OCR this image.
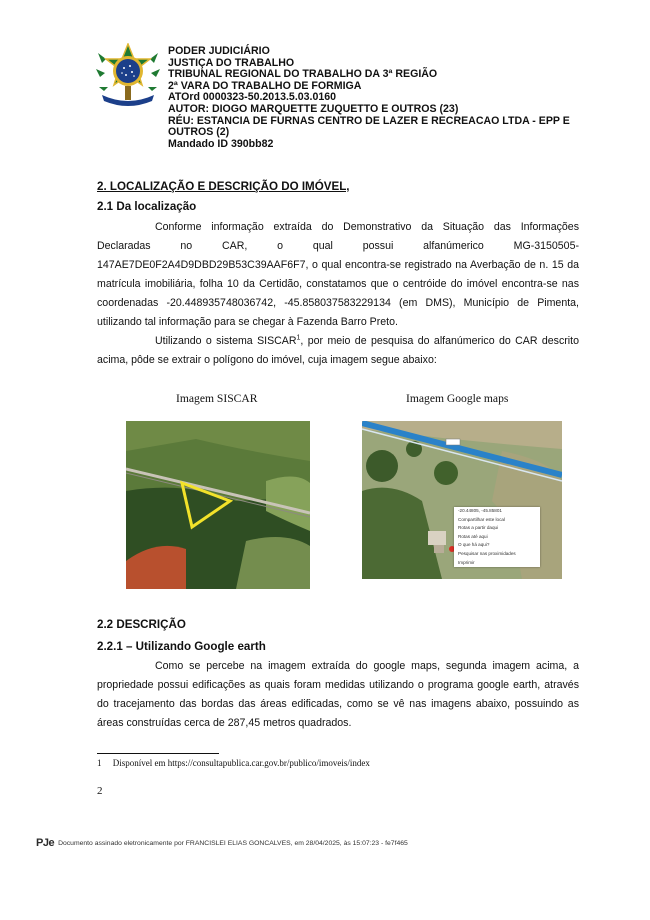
PODER JUDICIÁRIO
JUSTIÇA DO TRABALHO
TRIBUNAL REGIONAL DO TRABALHO DA 3ª REGIÃO
2ª VARA DO TRABALHO DE FORMIGA
ATOrd 0000323-50.2013.5.03.0160
AUTOR: DIOGO MARQUETTE ZUQUETTO E OUTROS (23)
RÉU: ESTANCIA DE FURNAS CENTRO DE LAZER E RECREACAO LTDA - EPP E OUTROS (2)
Mandado ID 390bb82
2. LOCALIZAÇÃO E DESCRIÇÃO DO IMÓVEL,
2.1 Da localização
Conforme informação extraída do Demonstrativo da Situação das Informações Declaradas no CAR, o qual possui alfanúmerico MG-3150505-147AE7DE0F2A4D9DBD29B53C39AAF6F7, o qual encontra-se registrado na Averbação de n. 15 da matrícula imobiliária, folha 10 da Certidão, constatamos que o centróide do imóvel encontra-se nas coordenadas -20.448935748036742, -45.858037583229134 (em DMS), Município de Pimenta, utilizando tal informação para se chegar à Fazenda Barro Preto.
Utilizando o sistema SISCAR$^1$, por meio de pesquisa do alfanúmerico do CAR descrito acima, pôde se extrair o polígono do imóvel, cuja imagem segue abaixo:
Imagem SISCAR	Imagem Google maps
-20.44805, -45.85801
Compartilhar este local
Rotas a partir daqui
Rotas até aqui
O que há aqui?
Pesquisar nas proximidades
Imprimir
2.2 DESCRIÇÃO
2.2.1 – Utilizando Google earth
Como se percebe na imagem extraída do google maps, segunda imagem acima, a propriedade possui edificações as quais foram medidas utilizando o programa google earth, através do tracejamento das bordas das áreas edificadas, como se vê nas imagens abaixo, possuindo as áreas construídas cerca de 287,45 metros quadrados.
1     Disponível em https://consultapublica.car.gov.br/publico/imoveis/index
2
PJe Documento assinado eletronicamente por FRANCISLEI ELIAS GONCALVES, em 28/04/2025, às 15:07:23 - fe7f465
